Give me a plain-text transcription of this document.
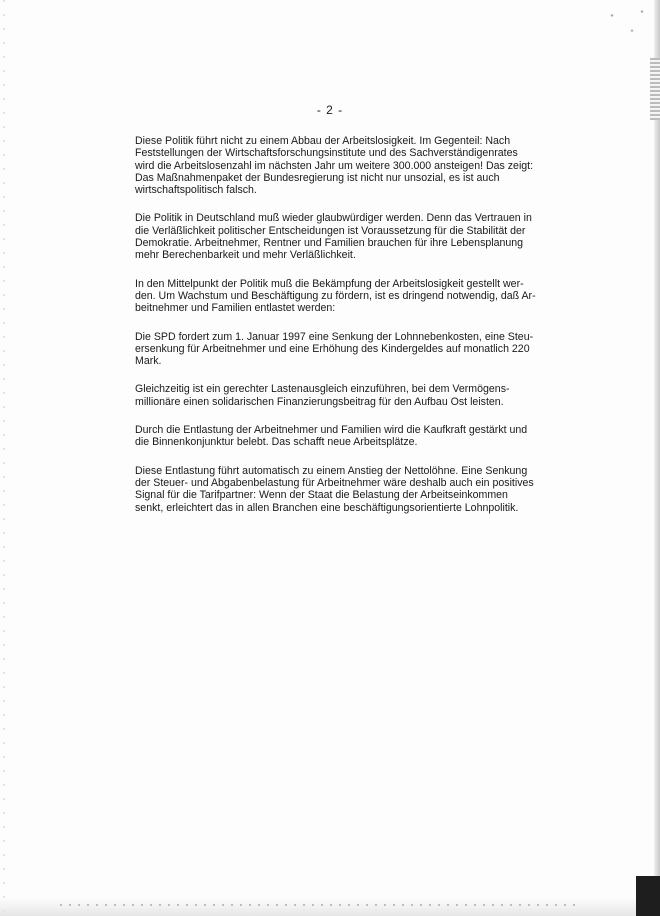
- 2 -

Diese Politik führt nicht zu einem Abbau der Arbeitslosigkeit. Im Gegenteil: Nach
Feststellungen der Wirtschaftsforschungsinstitute und des Sachverständigenrates
wird die Arbeitslosenzahl im nächsten Jahr um weitere 300.000 ansteigen! Das zeigt:
Das Maßnahmenpaket der Bundesregierung ist nicht nur unsozial, es ist auch
wirtschaftspolitisch falsch.

Die Politik in Deutschland muß wieder glaubwürdiger werden. Denn das Vertrauen in
die Verläßlichkeit politischer Entscheidungen ist Voraussetzung für die Stabilität der
Demokratie. Arbeitnehmer, Rentner und Familien brauchen für ihre Lebensplanung
mehr Berechenbarkeit und mehr Verläßlichkeit.

In den Mittelpunkt der Politik muß die Bekämpfung der Arbeitslosigkeit gestellt wer-
den. Um Wachstum und Beschäftigung zu fördern, ist es dringend notwendig, daß Ar-
beitnehmer und Familien entlastet werden:

Die SPD fordert zum 1. Januar 1997 eine Senkung der Lohnnebenkosten, eine Steu-
ersenkung für Arbeitnehmer und eine Erhöhung des Kindergeldes auf monatlich 220
Mark.

Gleichzeitig ist ein gerechter Lastenausgleich einzuführen, bei dem Vermögens-
millionäre einen solidarischen Finanzierungsbeitrag für den Aufbau Ost leisten.

Durch die Entlastung der Arbeitnehmer und Familien wird die Kaufkraft gestärkt und
die Binnenkonjunktur belebt. Das schafft neue Arbeitsplätze.

Diese Entlastung führt automatisch zu einem Anstieg der Nettolöhne. Eine Senkung
der Steuer- und Abgabenbelastung für Arbeitnehmer wäre deshalb auch ein positives
Signal für die Tarifpartner: Wenn der Staat die Belastung der Arbeitseinkommen
senkt, erleichtert das in allen Branchen eine beschäftigungsorientierte Lohnpolitik.
